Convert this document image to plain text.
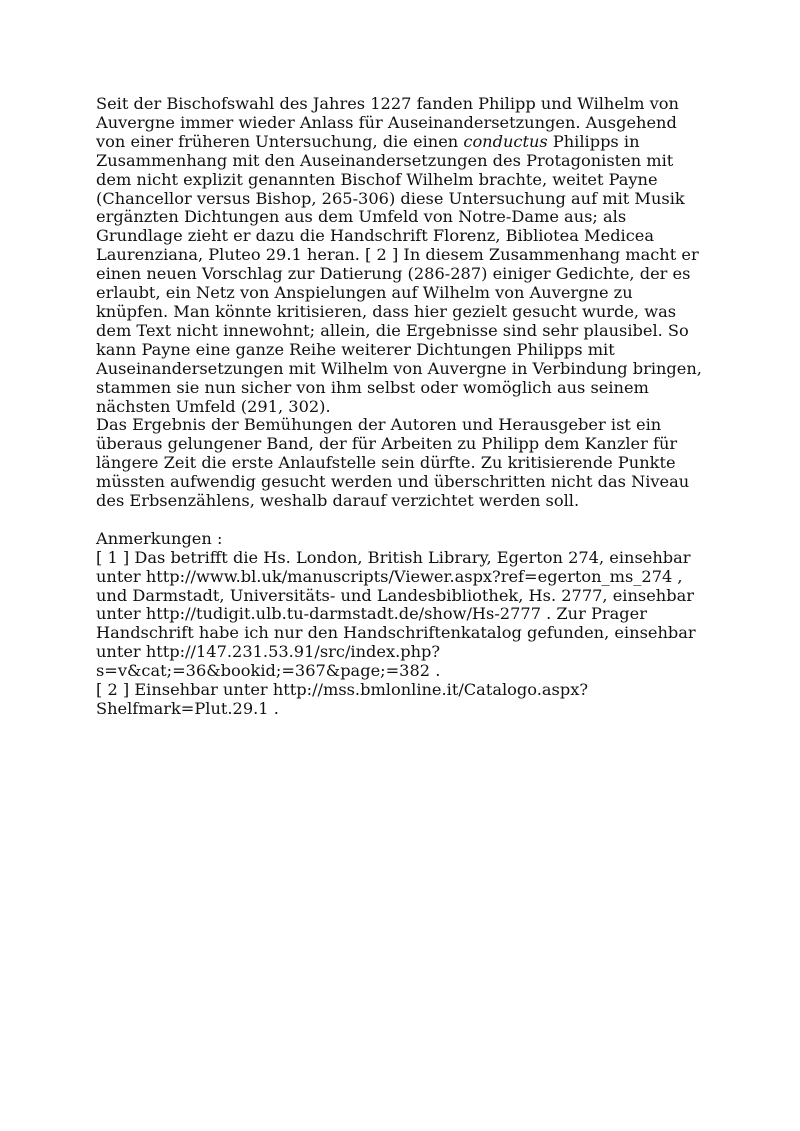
Seit der Bischofswahl des Jahres 1227 fanden Philipp und Wilhelm von
Auvergne immer wieder Anlass für Auseinandersetzungen. Ausgehend
von einer früheren Untersuchung, die einen conductus Philipps in
Zusammenhang mit den Auseinandersetzungen des Protagonisten mit
dem nicht explizit genannten Bischof Wilhelm brachte, weitet Payne
(Chancellor versus Bishop, 265-306) diese Untersuchung auf mit Musik
ergänzten Dichtungen aus dem Umfeld von Notre-Dame aus; als
Grundlage zieht er dazu die Handschrift Florenz, Bibliotea Medicea
Laurenziana, Pluteo 29.1 heran. [ 2 ] In diesem Zusammenhang macht er
einen neuen Vorschlag zur Datierung (286-287) einiger Gedichte, der es
erlaubt, ein Netz von Anspielungen auf Wilhelm von Auvergne zu
knüpfen. Man könnte kritisieren, dass hier gezielt gesucht wurde, was
dem Text nicht innewohnt; allein, die Ergebnisse sind sehr plausibel. So
kann Payne eine ganze Reihe weiterer Dichtungen Philipps mit
Auseinandersetzungen mit Wilhelm von Auvergne in Verbindung bringen,
stammen sie nun sicher von ihm selbst oder womöglich aus seinem
nächsten Umfeld (291, 302).
Das Ergebnis der Bemühungen der Autoren und Herausgeber ist ein
überaus gelungener Band, der für Arbeiten zu Philipp dem Kanzler für
längere Zeit die erste Anlaufstelle sein dürfte. Zu kritisierende Punkte
müssten aufwendig gesucht werden und überschritten nicht das Niveau
des Erbsenzählens, weshalb darauf verzichtet werden soll.
Anmerkungen :
[ 1 ] Das betrifft die Hs. London, British Library, Egerton 274, einsehbar
unter http://www.bl.uk/manuscripts/Viewer.aspx?ref=egerton_ms_274 ,
und Darmstadt, Universitäts- und Landesbibliothek, Hs. 2777, einsehbar
unter http://tudigit.ulb.tu-darmstadt.de/show/Hs-2777 . Zur Prager
Handschrift habe ich nur den Handschriftenkatalog gefunden, einsehbar
unter http://147.231.53.91/src/index.php?
s=v&cat;=36&bookid;=367&page;=382 .
[ 2 ] Einsehbar unter http://mss.bmlonline.it/Catalogo.aspx?
Shelfmark=Plut.29.1 .
